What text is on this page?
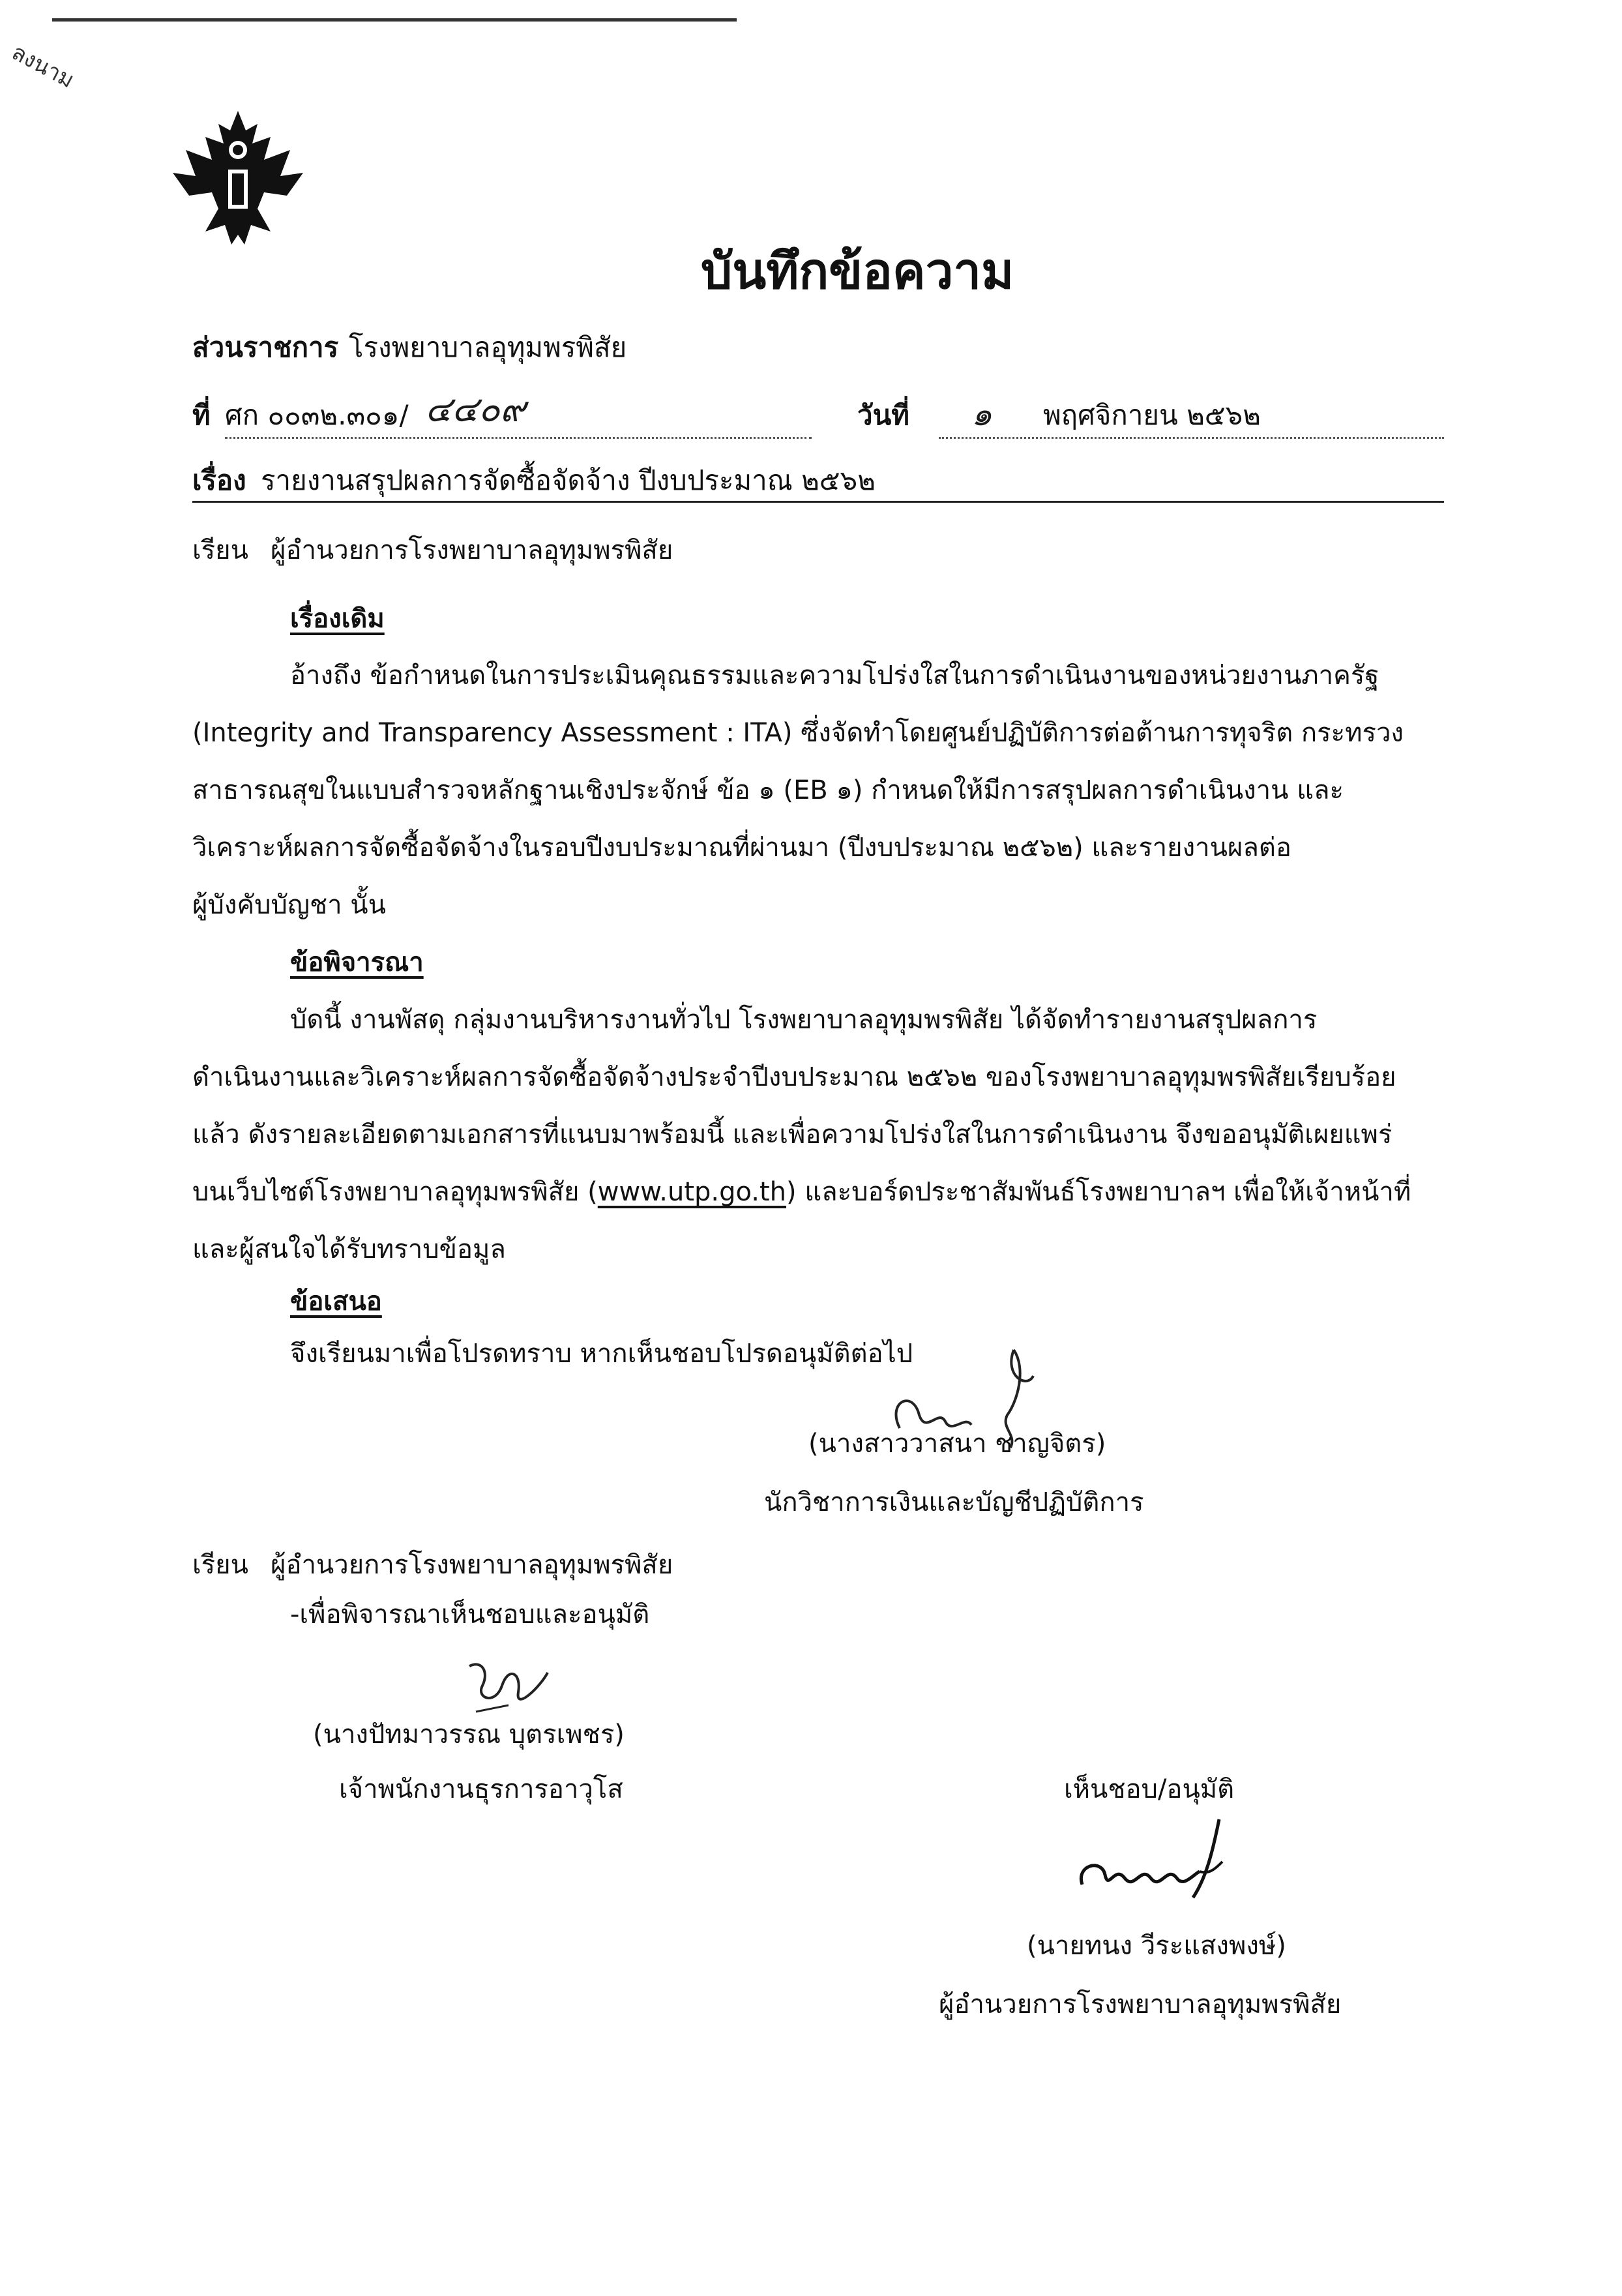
ลงนาม
บันทึกข้อความ
ส่วนราชการ โรงพยาบาลอุทุมพรพิสัย
ที่ ศก ๐๐๓๒.๓๐๑/ ๔๔๐๙	วันที่ ๑ พฤศจิกายน ๒๕๖๒
เรื่อง รายงานสรุปผลการจัดซื้อจัดจ้าง ปีงบประมาณ ๒๕๖๒
เรียน ผู้อำนวยการโรงพยาบาลอุทุมพรพิสัย
เรื่องเดิม
อ้างถึง ข้อกำหนดในการประเมินคุณธรรมและความโปร่งใสในการดำเนินงานของหน่วยงานภาครัฐ
(Integrity and Transparency Assessment : ITA) ซึ่งจัดทำโดยศูนย์ปฏิบัติการต่อต้านการทุจริต กระทรวง
สาธารณสุขในแบบสำรวจหลักฐานเชิงประจักษ์ ข้อ ๑ (EB ๑) กำหนดให้มีการสรุปผลการดำเนินงาน และ
วิเคราะห์ผลการจัดซื้อจัดจ้างในรอบปีงบประมาณที่ผ่านมา (ปีงบประมาณ ๒๕๖๒) และรายงานผลต่อ
ผู้บังคับบัญชา นั้น
ข้อพิจารณา
บัดนี้ งานพัสดุ กลุ่มงานบริหารงานทั่วไป โรงพยาบาลอุทุมพรพิสัย ได้จัดทำรายงานสรุปผลการ
ดำเนินงานและวิเคราะห์ผลการจัดซื้อจัดจ้างประจำปีงบประมาณ ๒๕๖๒ ของโรงพยาบาลอุทุมพรพิสัยเรียบร้อย
แล้ว ดังรายละเอียดตามเอกสารที่แนบมาพร้อมนี้ และเพื่อความโปร่งใสในการดำเนินงาน จึงขออนุมัติเผยแพร่
บนเว็บไซต์โรงพยาบาลอุทุมพรพิสัย (www.utp.go.th) และบอร์ดประชาสัมพันธ์โรงพยาบาลฯ เพื่อให้เจ้าหน้าที่
และผู้สนใจได้รับทราบข้อมูล
ข้อเสนอ
จึงเรียนมาเพื่อโปรดทราบ หากเห็นชอบโปรดอนุมัติต่อไป
(นางสาววาสนา ชาญจิตร)
นักวิชาการเงินและบัญชีปฏิบัติการ
เรียน ผู้อำนวยการโรงพยาบาลอุทุมพรพิสัย
-เพื่อพิจารณาเห็นชอบและอนุมัติ
(นางปัทมาวรรณ บุตรเพชร)
เจ้าพนักงานธุรการอาวุโส	เห็นชอบ/อนุมัติ
(นายทนง วีระแสงพงษ์)
ผู้อำนวยการโรงพยาบาลอุทุมพรพิสัย
